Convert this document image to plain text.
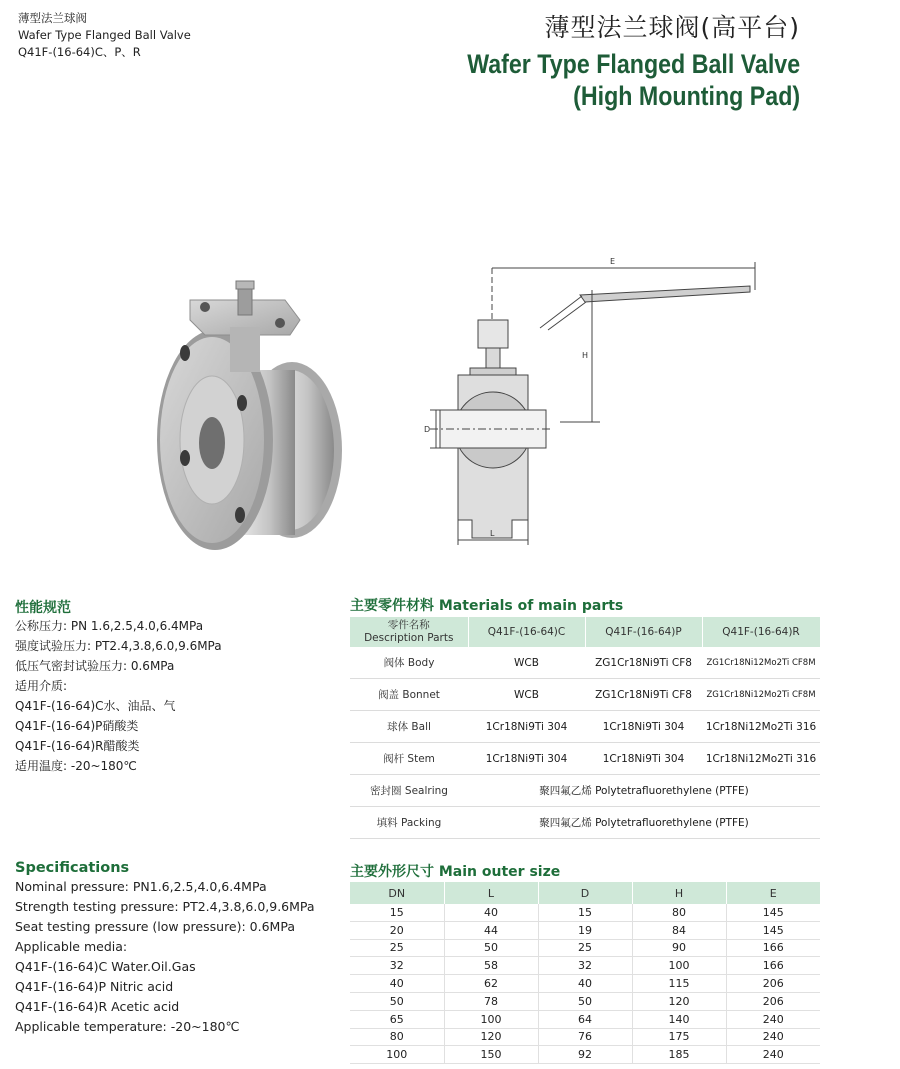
薄型法兰球阀
Wafer Type Flanged Ball Valve
Q41F-(16-64)C、P、R
薄型法兰球阀(高平台)
Wafer Type Flanged Ball Valve
(High Mounting Pad)
E
H
D
L
性能规范
公称压力: PN 1.6,2.5,4.0,6.4MPa
强度试验压力: PT2.4,3.8,6.0,9.6MPa
低压气密封试验压力: 0.6MPa
适用介质:
Q41F-(16-64)C水、油品、气
Q41F-(16-64)P硝酸类
Q41F-(16-64)R醋酸类
适用温度: -20~180℃
Specifications
Nominal pressure: PN1.6,2.5,4.0,6.4MPa
Strength testing pressure: PT2.4,3.8,6.0,9.6MPa
Seat testing pressure (low pressure): 0.6MPa
Applicable media:
Q41F-(16-64)C Water.Oil.Gas
Q41F-(16-64)P Nitric acid
Q41F-(16-64)R Acetic acid
Applicable temperature: -20~180℃
主要零件材料 Materials of main parts
零件名称
Description Parts	Q41F-(16-64)C	Q41F-(16-64)P	Q41F-(16-64)R
阀体 Body	WCB	ZG1Cr18Ni9Ti CF8	ZG1Cr18Ni12Mo2Ti CF8M
阀盖 Bonnet	WCB	ZG1Cr18Ni9Ti CF8	ZG1Cr18Ni12Mo2Ti CF8M
球体 Ball	1Cr18Ni9Ti 304	1Cr18Ni9Ti 304	1Cr18Ni12Mo2Ti 316
阀杆 Stem	1Cr18Ni9Ti 304	1Cr18Ni9Ti 304	1Cr18Ni12Mo2Ti 316
密封圈 Sealring	聚四氟乙烯 Polytetrafluorethylene (PTFE)		
填料 Packing	聚四氟乙烯 Polytetrafluorethylene (PTFE)		
主要外形尺寸 Main outer size
DN	L	D	H	E
15	40	15	80	145
20	44	19	84	145
25	50	25	90	166
32	58	32	100	166
40	62	40	115	206
50	78	50	120	206
65	100	64	140	240
80	120	76	175	240
100	150	92	185	240
